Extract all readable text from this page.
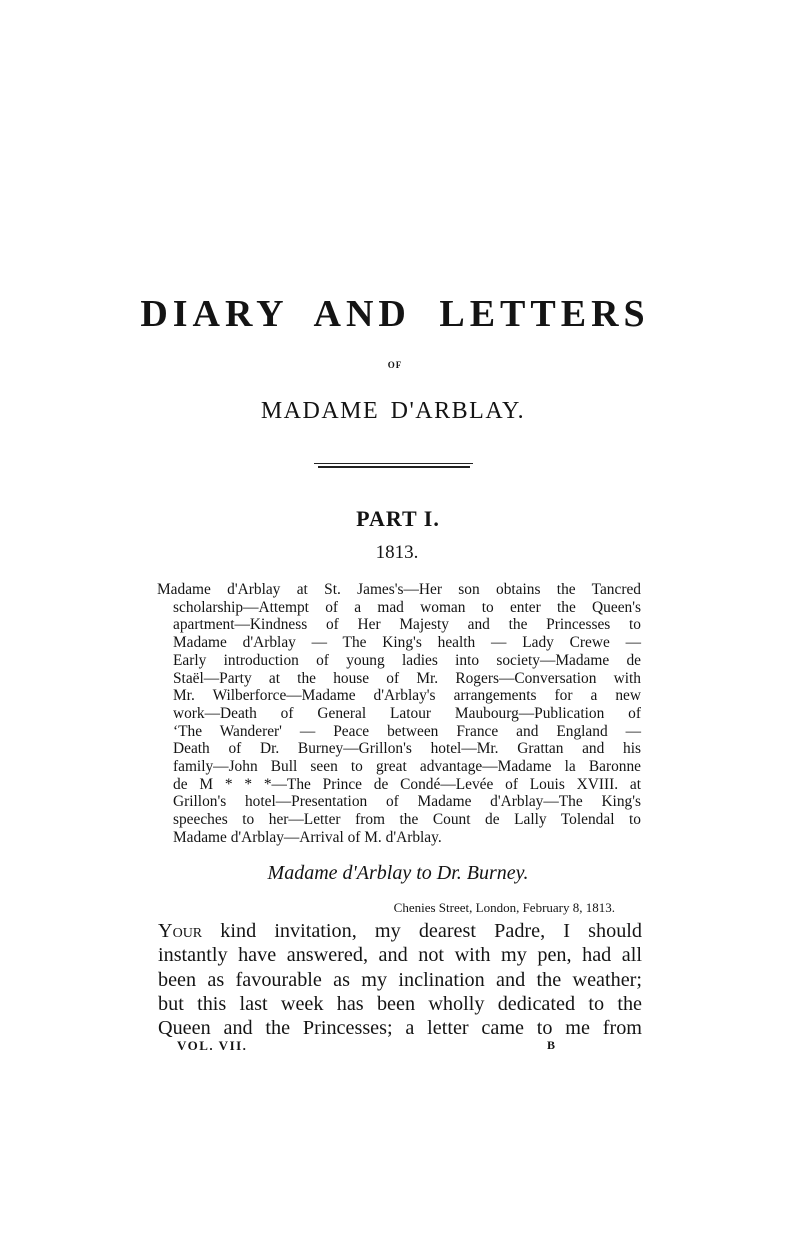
DIARY AND LETTERS
OF
MADAME D'ARBLAY.
PART I.
1813.
Madame d'Arblay at St. James's—Her son obtains the Tancred
scholarship—Attempt of a mad woman to enter the Queen's
apartment—Kindness of Her Majesty and the Princesses to
Madame d'Arblay — The King's health — Lady Crewe —
Early introduction of young ladies into society—Madame de
Staël—Party at the house of Mr. Rogers—Conversation with
Mr. Wilberforce—Madame d'Arblay's arrangements for a new
work—Death of General Latour Maubourg—Publication of
‘The Wanderer' — Peace between France and England —
Death of Dr. Burney—Grillon's hotel—Mr. Grattan and his
family—John Bull seen to great advantage—Madame la Baronne
de M * * *—The Prince de Condé—Levée of Louis XVIII. at
Grillon's hotel—Presentation of Madame d'Arblay—The King's
speeches to her—Letter from the Count de Lally Tolendal to
Madame d'Arblay—Arrival of M. d'Arblay.
Madame d'Arblay to Dr. Burney.
Chenies Street, London, February 8, 1813.
Your kind invitation, my dearest Padre, I should
instantly have answered, and not with my pen, had all
been as favourable as my inclination and the weather;
but this last week has been wholly dedicated to the
Queen and the Princesses; a letter came to me from
VOL. VII.	B
